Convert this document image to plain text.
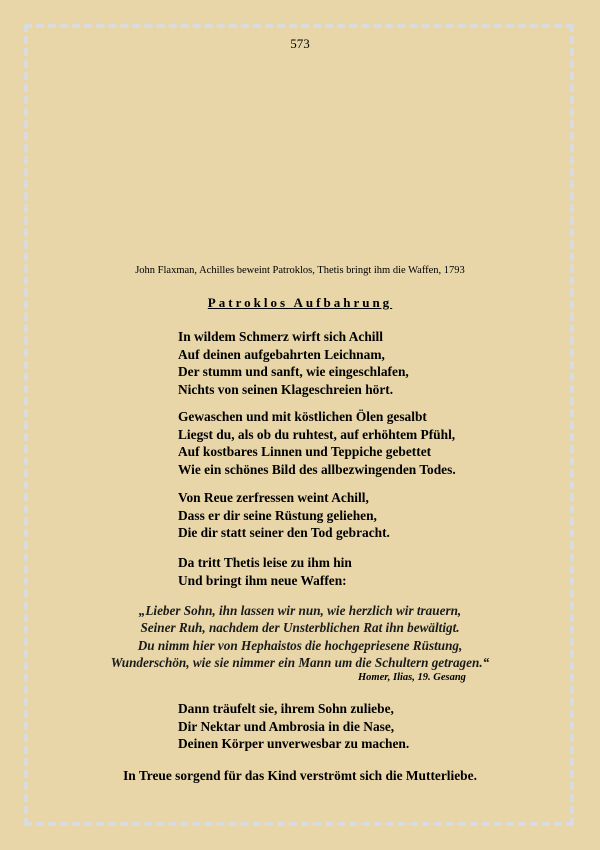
573
John Flaxman, Achilles beweint Patroklos, Thetis bringt ihm die Waffen, 1793
Patroklos Aufbahrung
In wildem Schmerz wirft sich Achill
Auf deinen aufgebahrten Leichnam,
Der stumm und sanft, wie eingeschlafen,
Nichts von seinen Klageschreien hört.
Gewaschen und mit köstlichen Ölen gesalbt
Liegst du, als ob du ruhtest, auf erhöhtem Pfühl,
Auf kostbares Linnen und Teppiche gebettet
Wie ein schönes Bild des allbezwingenden Todes.
Von Reue zerfressen weint Achill,
Dass er dir seine Rüstung geliehen,
Die dir statt seiner den Tod gebracht.
Da tritt Thetis leise zu ihm hin
Und bringt ihm neue Waffen:
„Lieber Sohn, ihn lassen wir nun, wie herzlich wir trauern,
Seiner Ruh, nachdem der Unsterblichen Rat ihn bewältigt.
Du nimm hier von Hephaistos die hochgepriesene Rüstung,
Wunderschön, wie sie nimmer ein Mann um die Schultern getragen.“
Homer, Ilias, 19. Gesang
Dann träufelt sie, ihrem Sohn zuliebe,
Dir Nektar und Ambrosia in die Nase,
Deinen Körper unverwesbar zu machen.
In Treue sorgend für das Kind verströmt sich die Mutterliebe.
